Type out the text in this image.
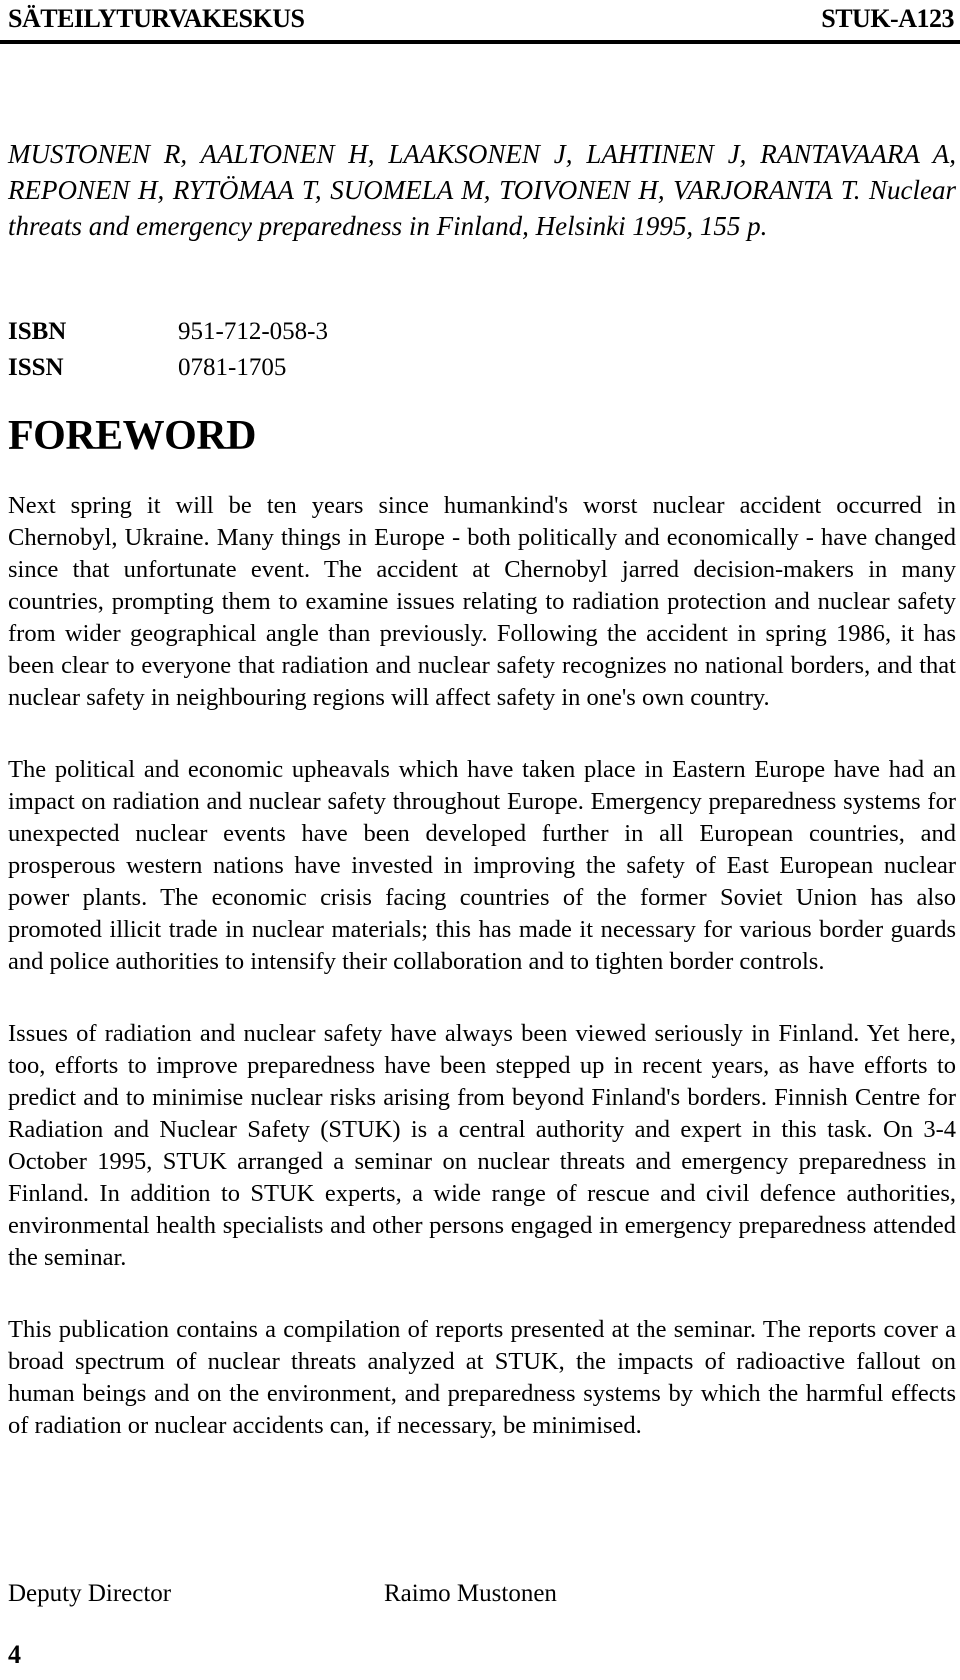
SÄTEILYTURVAKESKUS	STUK-A123
MUSTONEN R, AALTONEN H, LAAKSONEN J, LAHTINEN J, RANTAVAARA A, REPONEN H, RYTÖMAA T, SUOMELA M, TOIVONEN H, VARJORANTA T. Nuclear threats and emergency preparedness in Finland, Helsinki 1995, 155 p.
ISBN	951-712-058-3
ISSN	0781-1705
FOREWORD

Next spring it will be ten years since humankind's worst nuclear accident occurred in Chernobyl, Ukraine. Many things in Europe - both politically and economically - have changed since that unfortunate event. The accident at Chernobyl jarred decision-makers in many countries, prompting them to examine issues relating to radiation protection and nuclear safety from wider geographical angle than previously. Following the accident in spring 1986, it has been clear to everyone that radiation and nuclear safety recognizes no national borders, and that nuclear safety in neighbouring regions will affect safety in one's own country.

The political and economic upheavals which have taken place in Eastern Europe have had an impact on radiation and nuclear safety throughout Europe. Emergency preparedness systems for unexpected nuclear events have been developed further in all European countries, and prosperous western nations have invested in improving the safety of East European nuclear power plants. The economic crisis facing countries of the former Soviet Union has also promoted illicit trade in nuclear materials; this has made it necessary for various border guards and police authorities to intensify their collaboration and to tighten border controls.

Issues of radiation and nuclear safety have always been viewed seriously in Finland. Yet here, too, efforts to improve preparedness have been stepped up in recent years, as have efforts to predict and to minimise nuclear risks arising from beyond Finland's borders. Finnish Centre for Radiation and Nuclear Safety (STUK) is a central authority and expert in this task. On 3-4 October 1995, STUK arranged a seminar on nuclear threats and emergency preparedness in Finland. In addition to STUK experts, a wide range of rescue and civil defence authorities, environmental health specialists and other persons engaged in emergency preparedness attended the seminar.

This publication contains a compilation of reports presented at the seminar. The reports cover a broad spectrum of nuclear threats analyzed at STUK, the impacts of radioactive fallout on human beings and on the environment, and preparedness systems by which the harmful effects of radiation or nuclear accidents can, if necessary, be minimised.

Deputy Director	Raimo Mustonen
4
